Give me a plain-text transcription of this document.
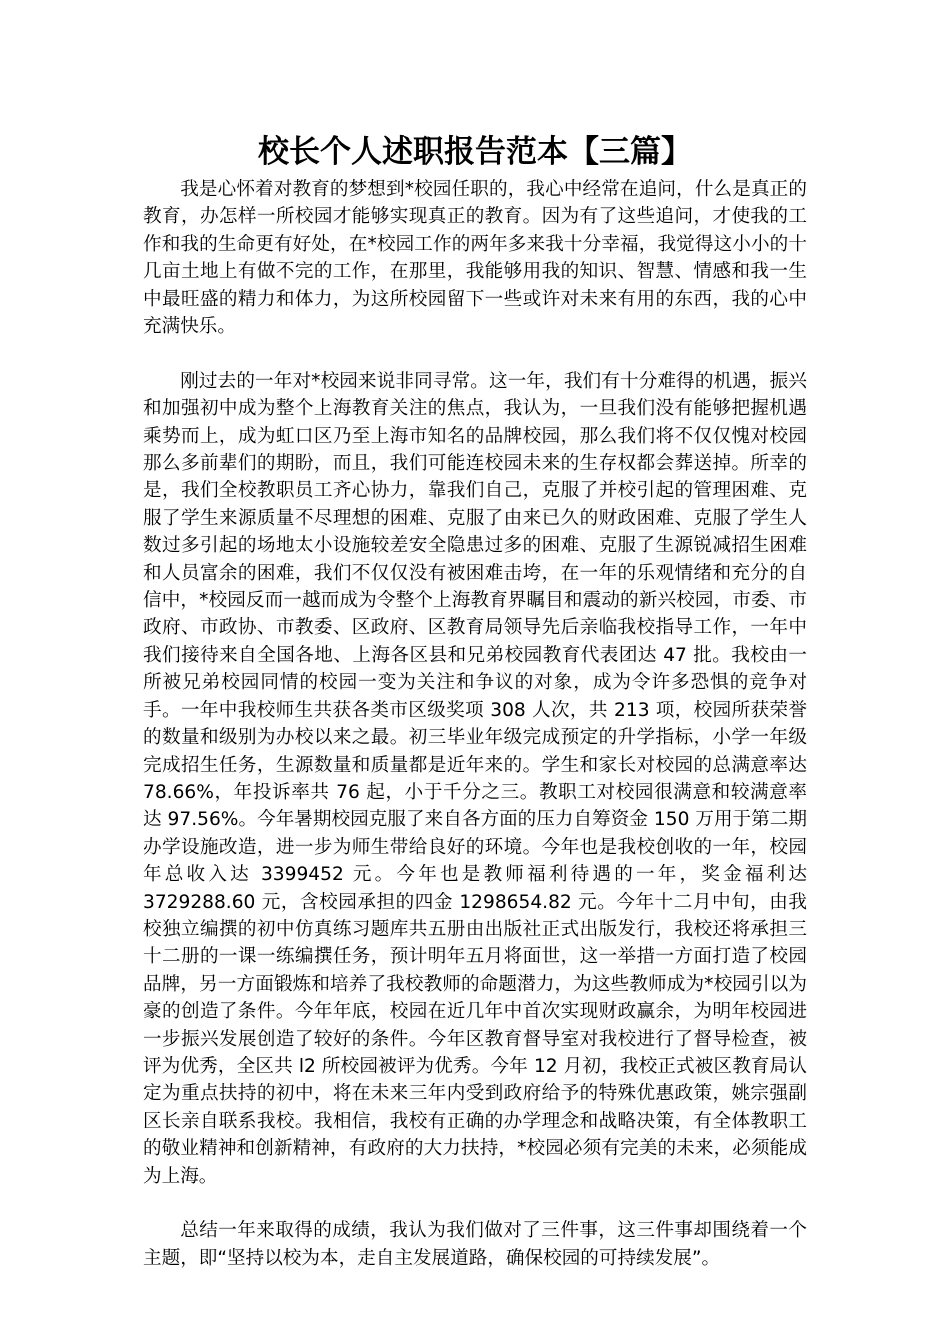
校长个人述职报告范本【三篇】

我是心怀着对教育的梦想到*校园任职的，我心中经常在追问，什么是真正的教育，办怎样一所校园才能够实现真正的教育。因为有了这些追问，才使我的工作和我的生命更有好处，在*校园工作的两年多来我十分幸福，我觉得这小小的十几亩土地上有做不完的工作，在那里，我能够用我的知识、智慧、情感和我一生中最旺盛的精力和体力，为这所校园留下一些或许对未来有用的东西，我的心中充满快乐。

刚过去的一年对*校园来说非同寻常。这一年，我们有十分难得的机遇，振兴和加强初中成为整个上海教育关注的焦点，我认为，一旦我们没有能够把握机遇乘势而上，成为虹口区乃至上海市知名的品牌校园，那么我们将不仅仅愧对校园那么多前辈们的期盼，而且，我们可能连校园未来的生存权都会葬送掉。所幸的是，我们全校教职员工齐心协力，靠我们自己，克服了并校引起的管理困难、克服了学生来源质量不尽理想的困难、克服了由来已久的财政困难、克服了学生人数过多引起的场地太小设施较差安全隐患过多的困难、克服了生源锐减招生困难和人员富余的困难，我们不仅仅没有被困难击垮，在一年的乐观情绪和充分的自信中，*校园反而一越而成为令整个上海教育界瞩目和震动的新兴校园，市委、市政府、市政协、市教委、区政府、区教育局领导先后亲临我校指导工作，一年中我们接待来自全国各地、上海各区县和兄弟校园教育代表团达 47 批。我校由一所被兄弟校园同情的校园一变为关注和争议的对象，成为令许多恐惧的竞争对手。一年中我校师生共获各类市区级奖项 308 人次，共 213 项，校园所获荣誉的数量和级别为办校以来之最。初三毕业年级完成预定的升学指标，小学一年级完成招生任务，生源数量和质量都是近年来的。学生和家长对校园的总满意率达 78.66%，年投诉率共 76 起，小于千分之三。教职工对校园很满意和较满意率达 97.56%。今年暑期校园克服了来自各方面的压力自筹资金 150 万用于第二期办学设施改造，进一步为师生带给良好的环境。今年也是我校创收的一年，校园年总收入达 3399452 元。今年也是教师福利待遇的一年，奖金福利达 3729288.60 元，含校园承担的四金 1298654.82 元。今年十二月中旬，由我校独立编撰的初中仿真练习题库共五册由出版社正式出版发行，我校还将承担三十二册的一课一练编撰任务，预计明年五月将面世，这一举措一方面打造了校园品牌，另一方面锻炼和培养了我校教师的命题潜力，为这些教师成为*校园引以为豪的创造了条件。今年年底，校园在近几年中首次实现财政赢余，为明年校园进一步振兴发展创造了较好的条件。今年区教育督导室对我校进行了督导检查，被评为优秀，全区共 l2 所校园被评为优秀。今年 12 月初，我校正式被区教育局认定为重点扶持的初中，将在未来三年内受到政府给予的特殊优惠政策，姚宗强副区长亲自联系我校。我相信，我校有正确的办学理念和战略决策，有全体教职工的敬业精神和创新精神，有政府的大力扶持，*校园必须有完美的未来，必须能成为上海。

总结一年来取得的成绩，我认为我们做对了三件事，这三件事却围绕着一个主题，即“坚持以校为本，走自主发展道路，确保校园的可持续发展”。
